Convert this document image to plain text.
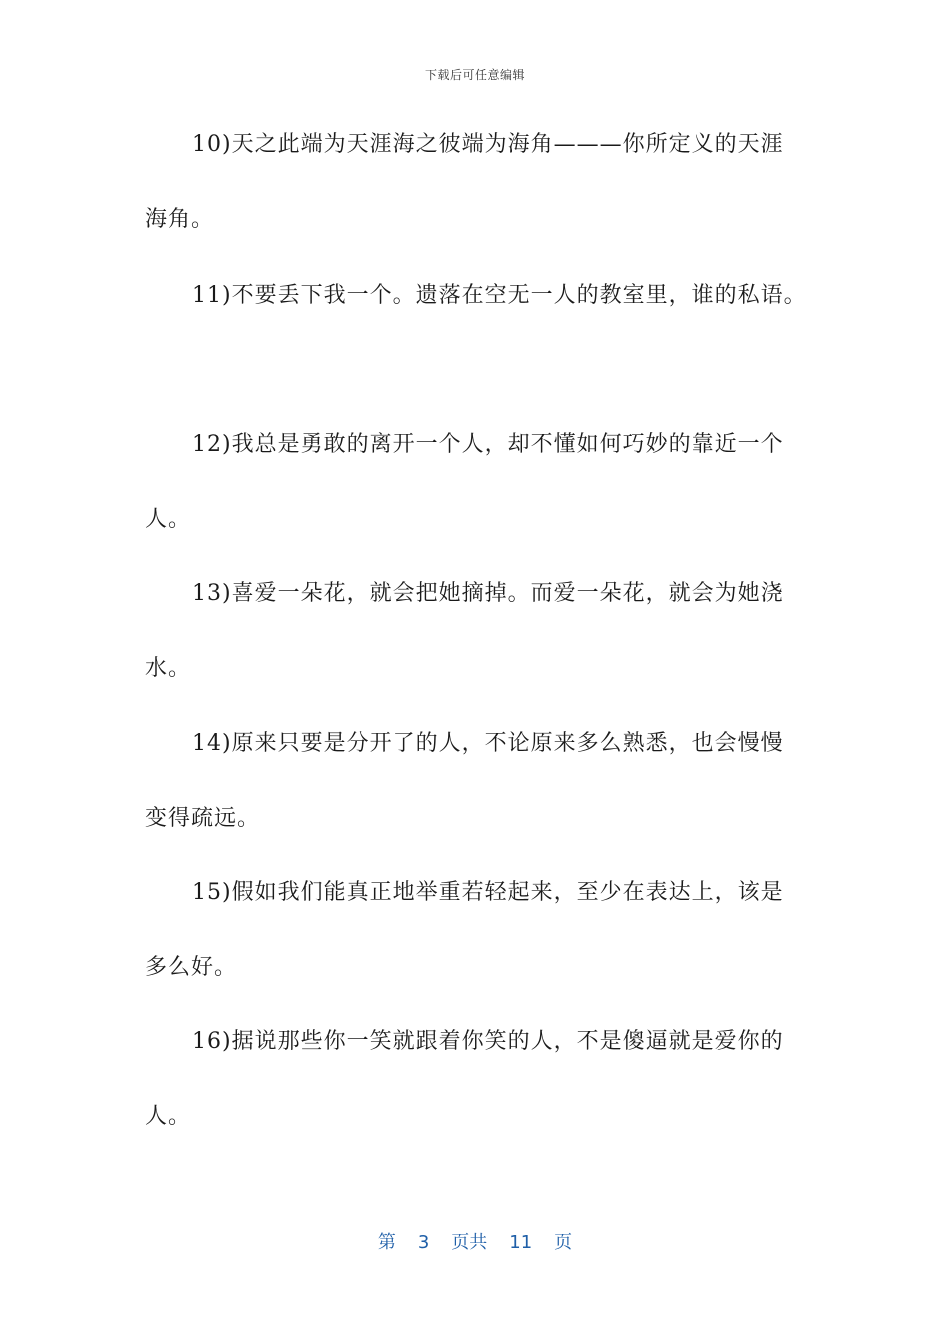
下载后可任意编辑
10)天之此端为天涯海之彼端为海角———你所定义的天涯
海角。
11)不要丢下我一个。遗落在空无一人的教室里，谁的私语。
12)我总是勇敢的离开一个人，却不懂如何巧妙的靠近一个
人。
13)喜爱一朵花，就会把她摘掉。而爱一朵花，就会为她浇
水。
14)原来只要是分开了的人，不论原来多么熟悉，也会慢慢
变得疏远。
15)假如我们能真正地举重若轻起来，至少在表达上，该是
多么好。
16)据说那些你一笑就跟着你笑的人，不是傻逼就是爱你的
人。
第 3 页共 11 页
